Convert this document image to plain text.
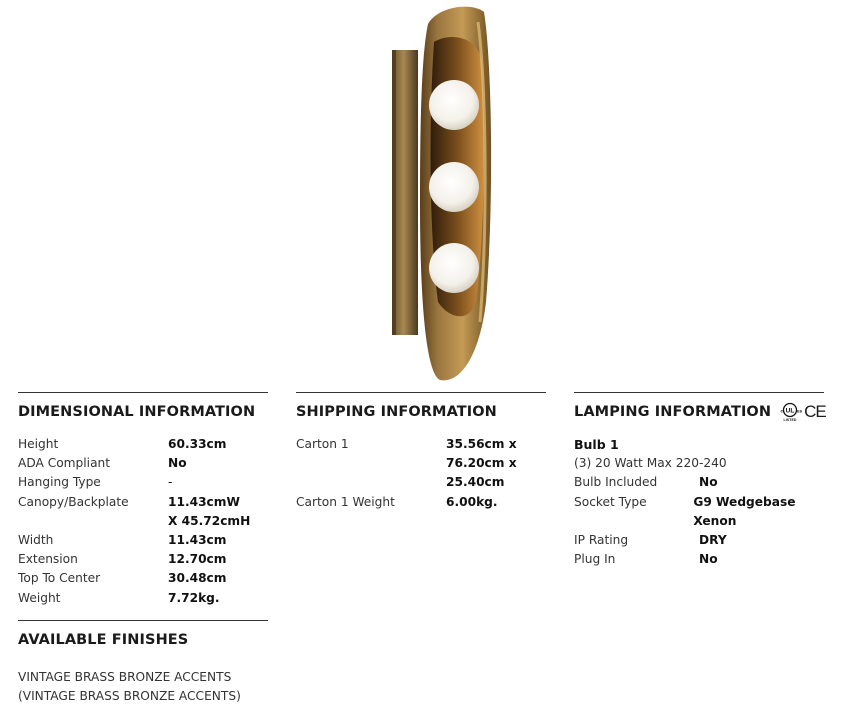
DIMENSIONAL INFORMATION
Height	60.33cm
ADA Compliant	No
Hanging Type	-
Canopy/Backplate	11.43cmW X 45.72cmH
Width	11.43cm
Extension	12.70cm
Top To Center	30.48cm
Weight	7.72kg.
AVAILABLE FINISHES
VINTAGE BRASS BRONZE ACCENTS (VINTAGE BRASS BRONZE ACCENTS)
SHIPPING INFORMATION
Carton 1	35.56cm x 76.20cm x 25.40cm
Carton 1 Weight	6.00kg.
LAMPING INFORMATION UL
c	us
LISTED CE
Bulb 1
(3) 20 Watt Max 220-240
Bulb Included	No
Socket Type	G9 Wedgebase Xenon
IP Rating	DRY
Plug In	No
